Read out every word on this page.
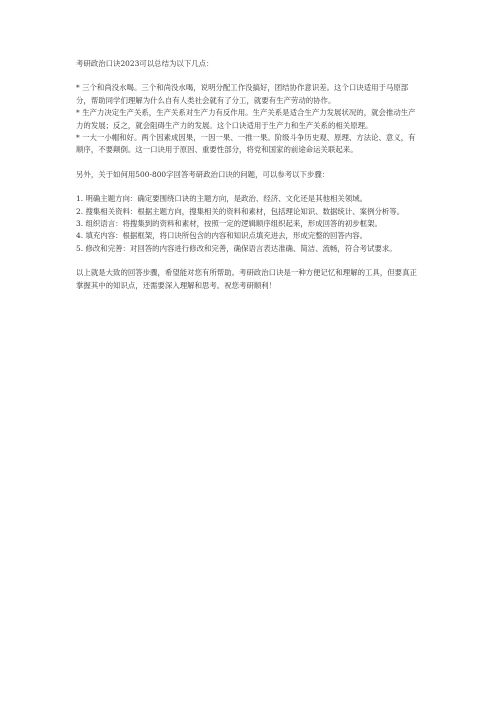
考研政治口诀2023可以总结为以下几点：

* 三个和尚没水喝。三个和尚没水喝，说明分配工作没搞好，团结协作意识差。这个口诀适用于马原部分，帮助同学们理解为什么自有人类社会就有了分工，就要有生产劳动的协作。

* 生产力决定生产关系，生产关系对生产力有反作用。生产关系是适合生产力发展状况的，就会推动生产力的发展；反之，就会阻碍生产力的发展。这个口诀适用于生产力和生产关系的相关原理。

* 一大一小帽和好。两个因素成因果，一因一果、一推一果。阶级斗争历史观、原理、方法论、意义，有顺序，不要颠倒。这一口诀用于原因、重要性部分，将党和国家的前途命运关联起来。

另外，关于如何用500-800字回答考研政治口诀的问题，可以参考以下步骤：

1. 明确主题方向：确定要围绕口诀的主题方向，是政治、经济、文化还是其他相关领域。

2. 搜集相关资料：根据主题方向，搜集相关的资料和素材，包括理论知识、数据统计、案例分析等。

3. 组织语言：将搜集到的资料和素材，按照一定的逻辑顺序组织起来，形成回答的初步框架。

4. 填充内容：根据框架，将口诀所包含的内容和知识点填充进去，形成完整的回答内容。

5. 修改和完善：对回答的内容进行修改和完善，确保语言表达准确、简洁、流畅，符合考试要求。

以上就是大致的回答步骤，希望能对您有所帮助。考研政治口诀是一种方便记忆和理解的工具，但要真正掌握其中的知识点，还需要深入理解和思考。祝您考研顺利！
